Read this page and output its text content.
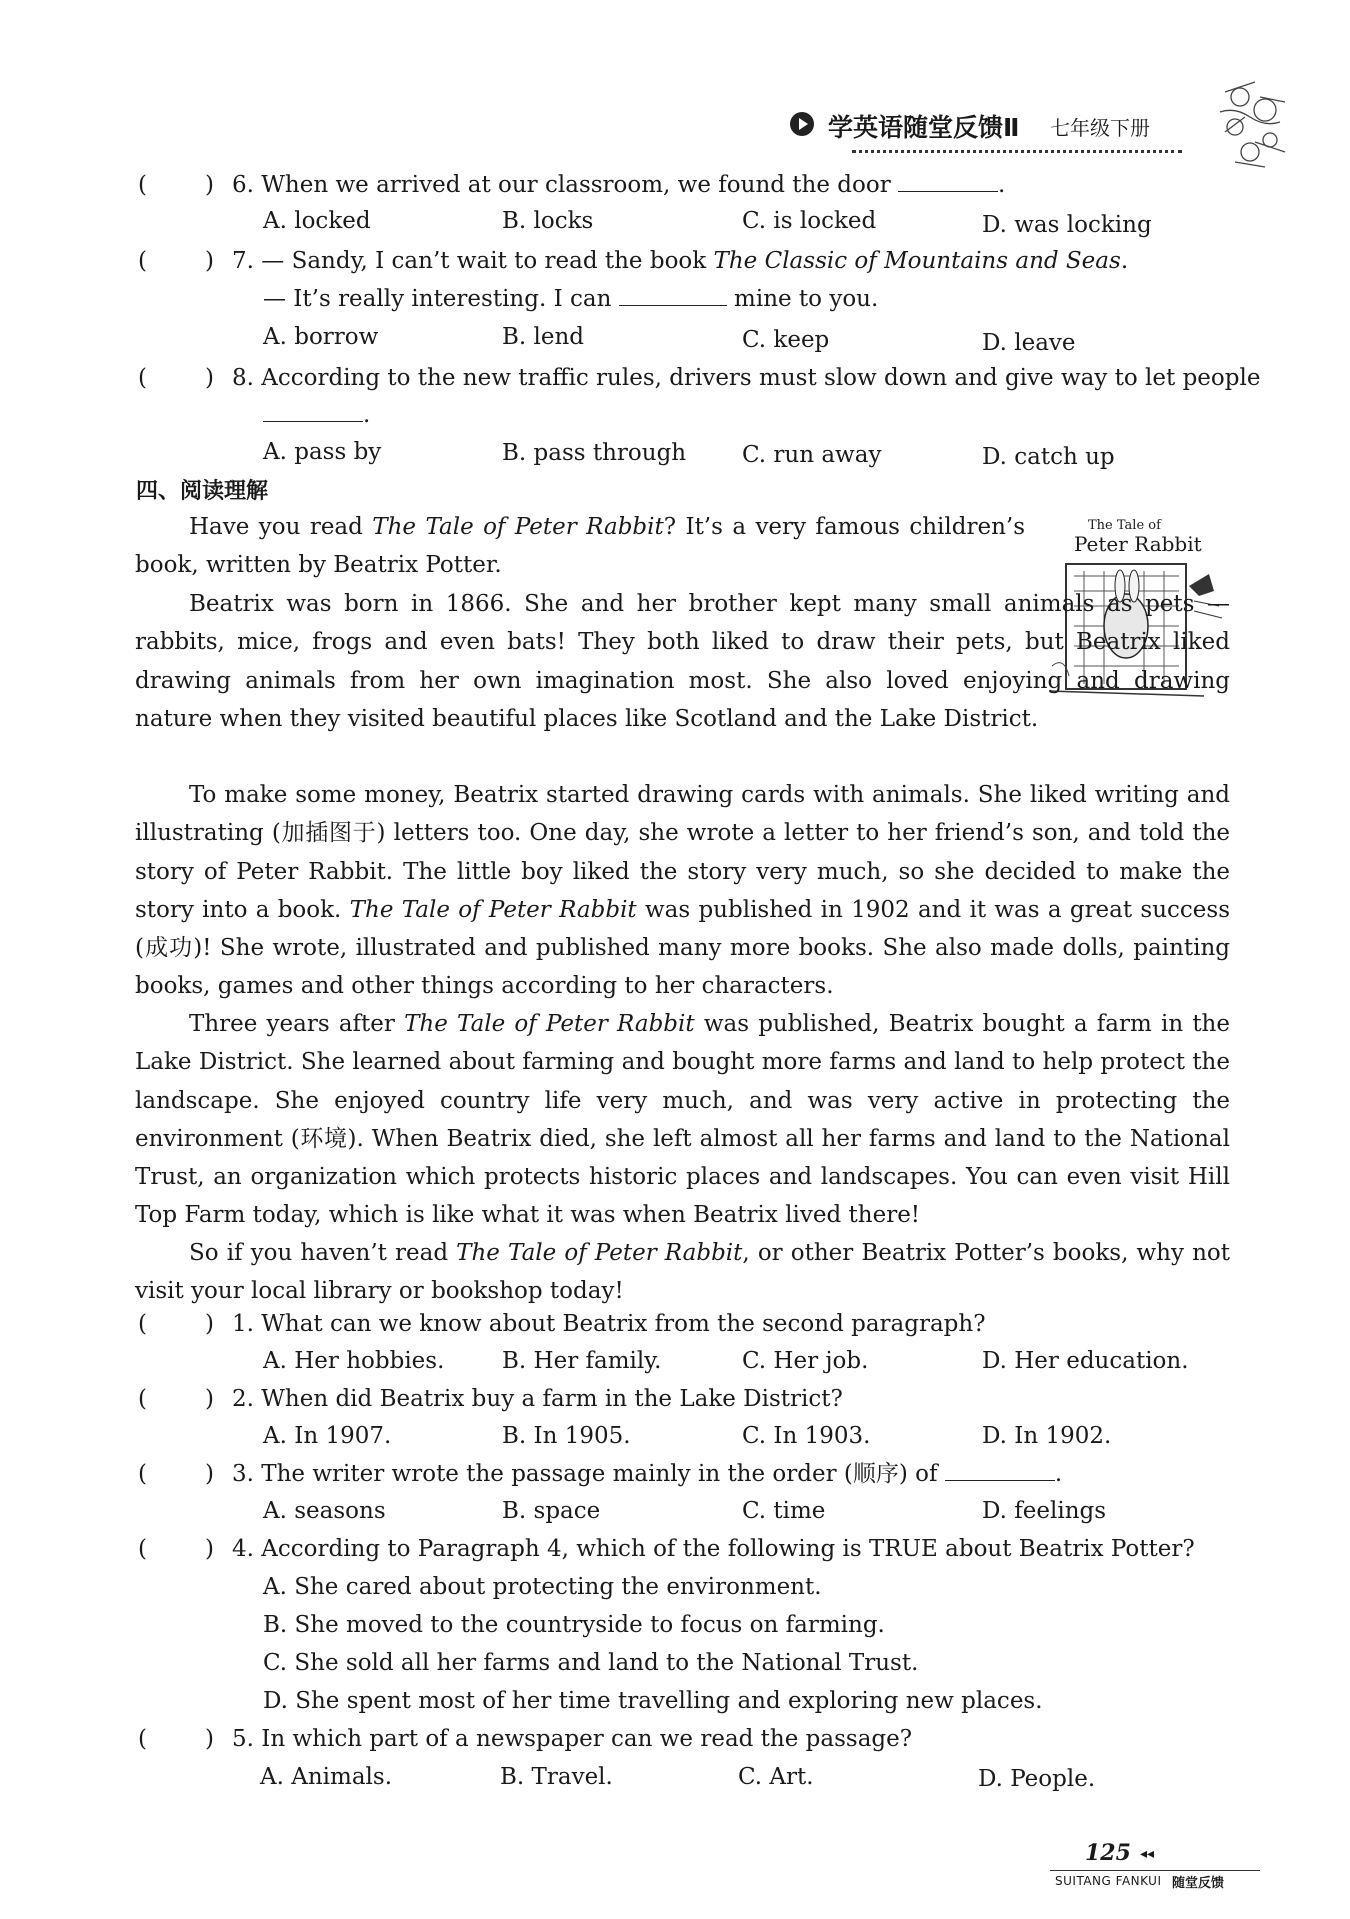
学英语随堂反馈Ⅱ 七年级下册
(	) 6. When we arrived at our classroom, we found the door	.
A. locked	B. locks	C. is locked	D. was locking
(	) 7. — Sandy, I can’t wait to read the book The Classic of Mountains and Seas.
— It’s really interesting. I can	mine to you.
A. borrow	B. lend	C. keep	D. leave
(	) 8. According to the new traffic rules, drivers must slow down and give way to let people
.
A. pass by	B. pass through C. run away	D. catch up
四、阅读理解
The Tale of
Peter Rabbit

Have you read The Tale of Peter Rabbit? It’s a very famous children’s book, written by Beatrix Potter.

Beatrix was born in 1866. She and her brother kept many small animals as pets — rabbits, mice, frogs and even bats! They both liked to draw their pets, but Beatrix liked drawing animals from her own imagination most. She also loved enjoying and drawing nature when they visited beautiful places like Scotland and the Lake District.

To make some money, Beatrix started drawing cards with animals. She liked writing and illustrating (加插图于) letters too. One day, she wrote a letter to her friend’s son, and told the story of Peter Rabbit. The little boy liked the story very much, so she decided to make the story into a book. The Tale of Peter Rabbit was published in 1902 and it was a great success (成功)! She wrote, illustrated and published many more books. She also made dolls, painting books, games and other things according to her characters.

Three years after The Tale of Peter Rabbit was published, Beatrix bought a farm in the Lake District. She learned about farming and bought more farms and land to help protect the landscape. She enjoyed country life very much, and was very active in protecting the environment (环境). When Beatrix died, she left almost all her farms and land to the National Trust, an organization which protects historic places and landscapes. You can even visit Hill Top Farm today, which is like what it was when Beatrix lived there!

So if you haven’t read The Tale of Peter Rabbit, or other Beatrix Potter’s books, why not visit your local library or bookshop today!

(	) 1. What can we know about Beatrix from the second paragraph?
A. Her hobbies.	B. Her family.	C. Her job.	D. Her education.
(	) 2. When did Beatrix buy a farm in the Lake District?
A. In 1907.	B. In 1905.	C. In 1903.	D. In 1902.
(	) 3. The writer wrote the passage mainly in the order (顺序) of	.
A. seasons	B. space	C. time	D. feelings
(	) 4. According to Paragraph 4, which of the following is TRUE about Beatrix Potter?
A. She cared about protecting the environment.
B. She moved to the countryside to focus on farming.
C. She sold all her farms and land to the National Trust.
D. She spent most of her time travelling and exploring new places.
(	) 5. In which part of a newspaper can we read the passage?
A. Animals.	B. Travel.	C. Art.	D. People.
125 ◂◂
SUITANG FANKUI 随堂反馈
